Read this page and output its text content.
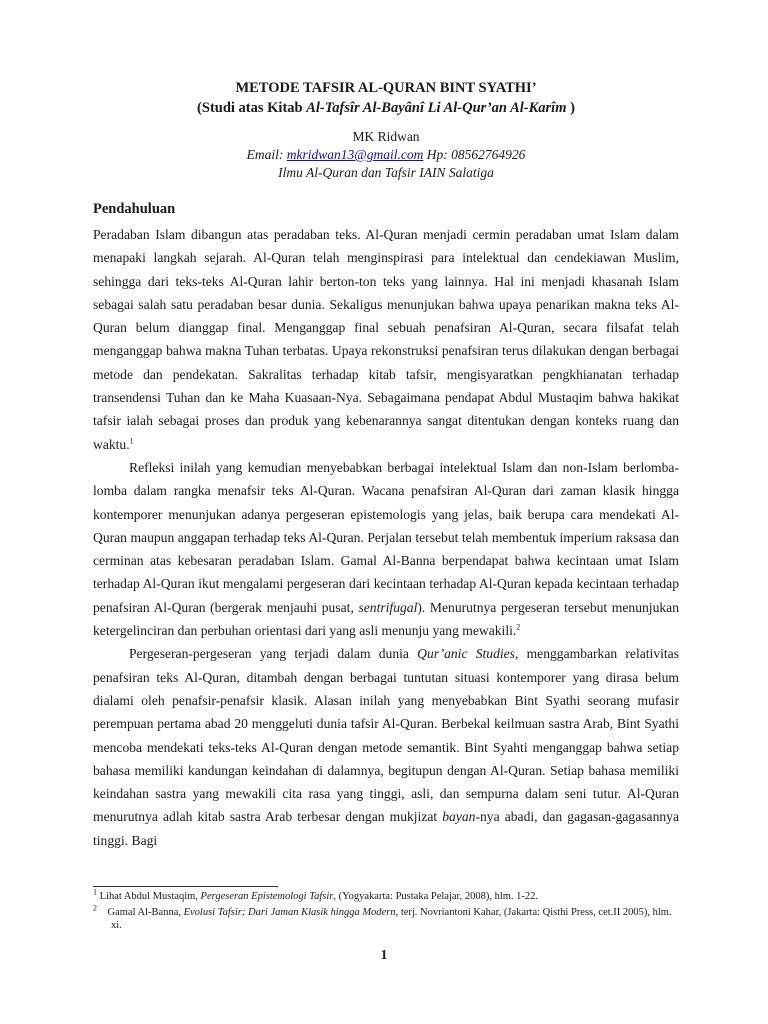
METODE TAFSIR AL-QURAN BINT SYATHI’
(Studi atas Kitab Al-Tafsîr Al-Bayânî Li Al-Qur’an Al-Karîm )
MK Ridwan
Email: mkridwan13@gmail.com Hp: 08562764926
Ilmu Al-Quran dan Tafsir IAIN Salatiga
Pendahuluan

Peradaban Islam dibangun atas peradaban teks. Al-Quran menjadi cermin peradaban umat Islam dalam menapaki langkah sejarah. Al-Quran telah menginspirasi para intelektual dan cendekiawan Muslim, sehingga dari teks-teks Al-Quran lahir berton-ton teks yang lainnya. Hal ini menjadi khasanah Islam sebagai salah satu peradaban besar dunia. Sekaligus menunjukan bahwa upaya penarikan makna teks Al-Quran belum dianggap final. Menganggap final sebuah penafsiran Al-Quran, secara filsafat telah menganggap bahwa makna Tuhan terbatas. Upaya rekonstruksi penafsiran terus dilakukan dengan berbagai metode dan pendekatan. Sakralitas terhadap kitab tafsir, mengisyaratkan pengkhianatan terhadap transendensi Tuhan dan ke Maha Kuasaan-Nya. Sebagaimana pendapat Abdul Mustaqim bahwa hakikat tafsir ialah sebagai proses dan produk yang kebenarannya sangat ditentukan dengan konteks ruang dan waktu.$^1$

Refleksi inilah yang kemudian menyebabkan berbagai intelektual Islam dan non-Islam berlomba-lomba dalam rangka menafsir teks Al-Quran. Wacana penafsiran Al-Quran dari zaman klasik hingga kontemporer menunjukan adanya pergeseran epistemologis yang jelas, baik berupa cara mendekati Al-Quran maupun anggapan terhadap teks Al-Quran. Perjalan tersebut telah membentuk imperium raksasa dan cerminan atas kebesaran peradaban Islam. Gamal Al-Banna berpendapat bahwa kecintaan umat Islam terhadap Al-Quran ikut mengalami pergeseran dari kecintaan terhadap Al-Quran kepada kecintaan terhadap penafsiran Al-Quran (bergerak menjauhi pusat, sentrifugal). Menurutnya pergeseran tersebut menunjukan ketergelinciran dan perbuhan orientasi dari yang asli menunju yang mewakili.$^2$

Pergeseran-pergeseran yang terjadi dalam dunia Qur’anic Studies, menggambarkan relativitas penafsiran teks Al-Quran, ditambah dengan berbagai tuntutan situasi kontemporer yang dirasa belum dialami oleh penafsir-penafsir klasik. Alasan inilah yang menyebabkan Bint Syathi seorang mufasir perempuan pertama abad 20 menggeluti dunia tafsir Al-Quran. Berbekal keilmuan sastra Arab, Bint Syathi mencoba mendekati teks-teks Al-Quran dengan metode semantik. Bint Syahti menganggap bahwa setiap bahasa memiliki kandungan keindahan di dalamnya, begitupun dengan Al-Quran. Setiap bahasa memiliki keindahan sastra yang mewakili cita rasa yang tinggi, asli, dan sempurna dalam seni tutur. Al-Quran menurutnya adlah kitab sastra Arab terbesar dengan mukjizat bayan-nya abadi, dan gagasan-gagasannya tinggi. Bagi

$^1$ Lihat Abdul Mustaqim, Pergeseran Epistemologi Tafsir, (Yogyakarta: Pustaka Pelajar, 2008), hlm. 1-22.
$^2$ Gamal Al-Banna, Evolusi Tafsir; Dari Jaman Klasik hingga Modern, terj. Novriantoni Kahar, (Jakarta: Qisthi Press, cet.II 2005), hlm. xi.
1
